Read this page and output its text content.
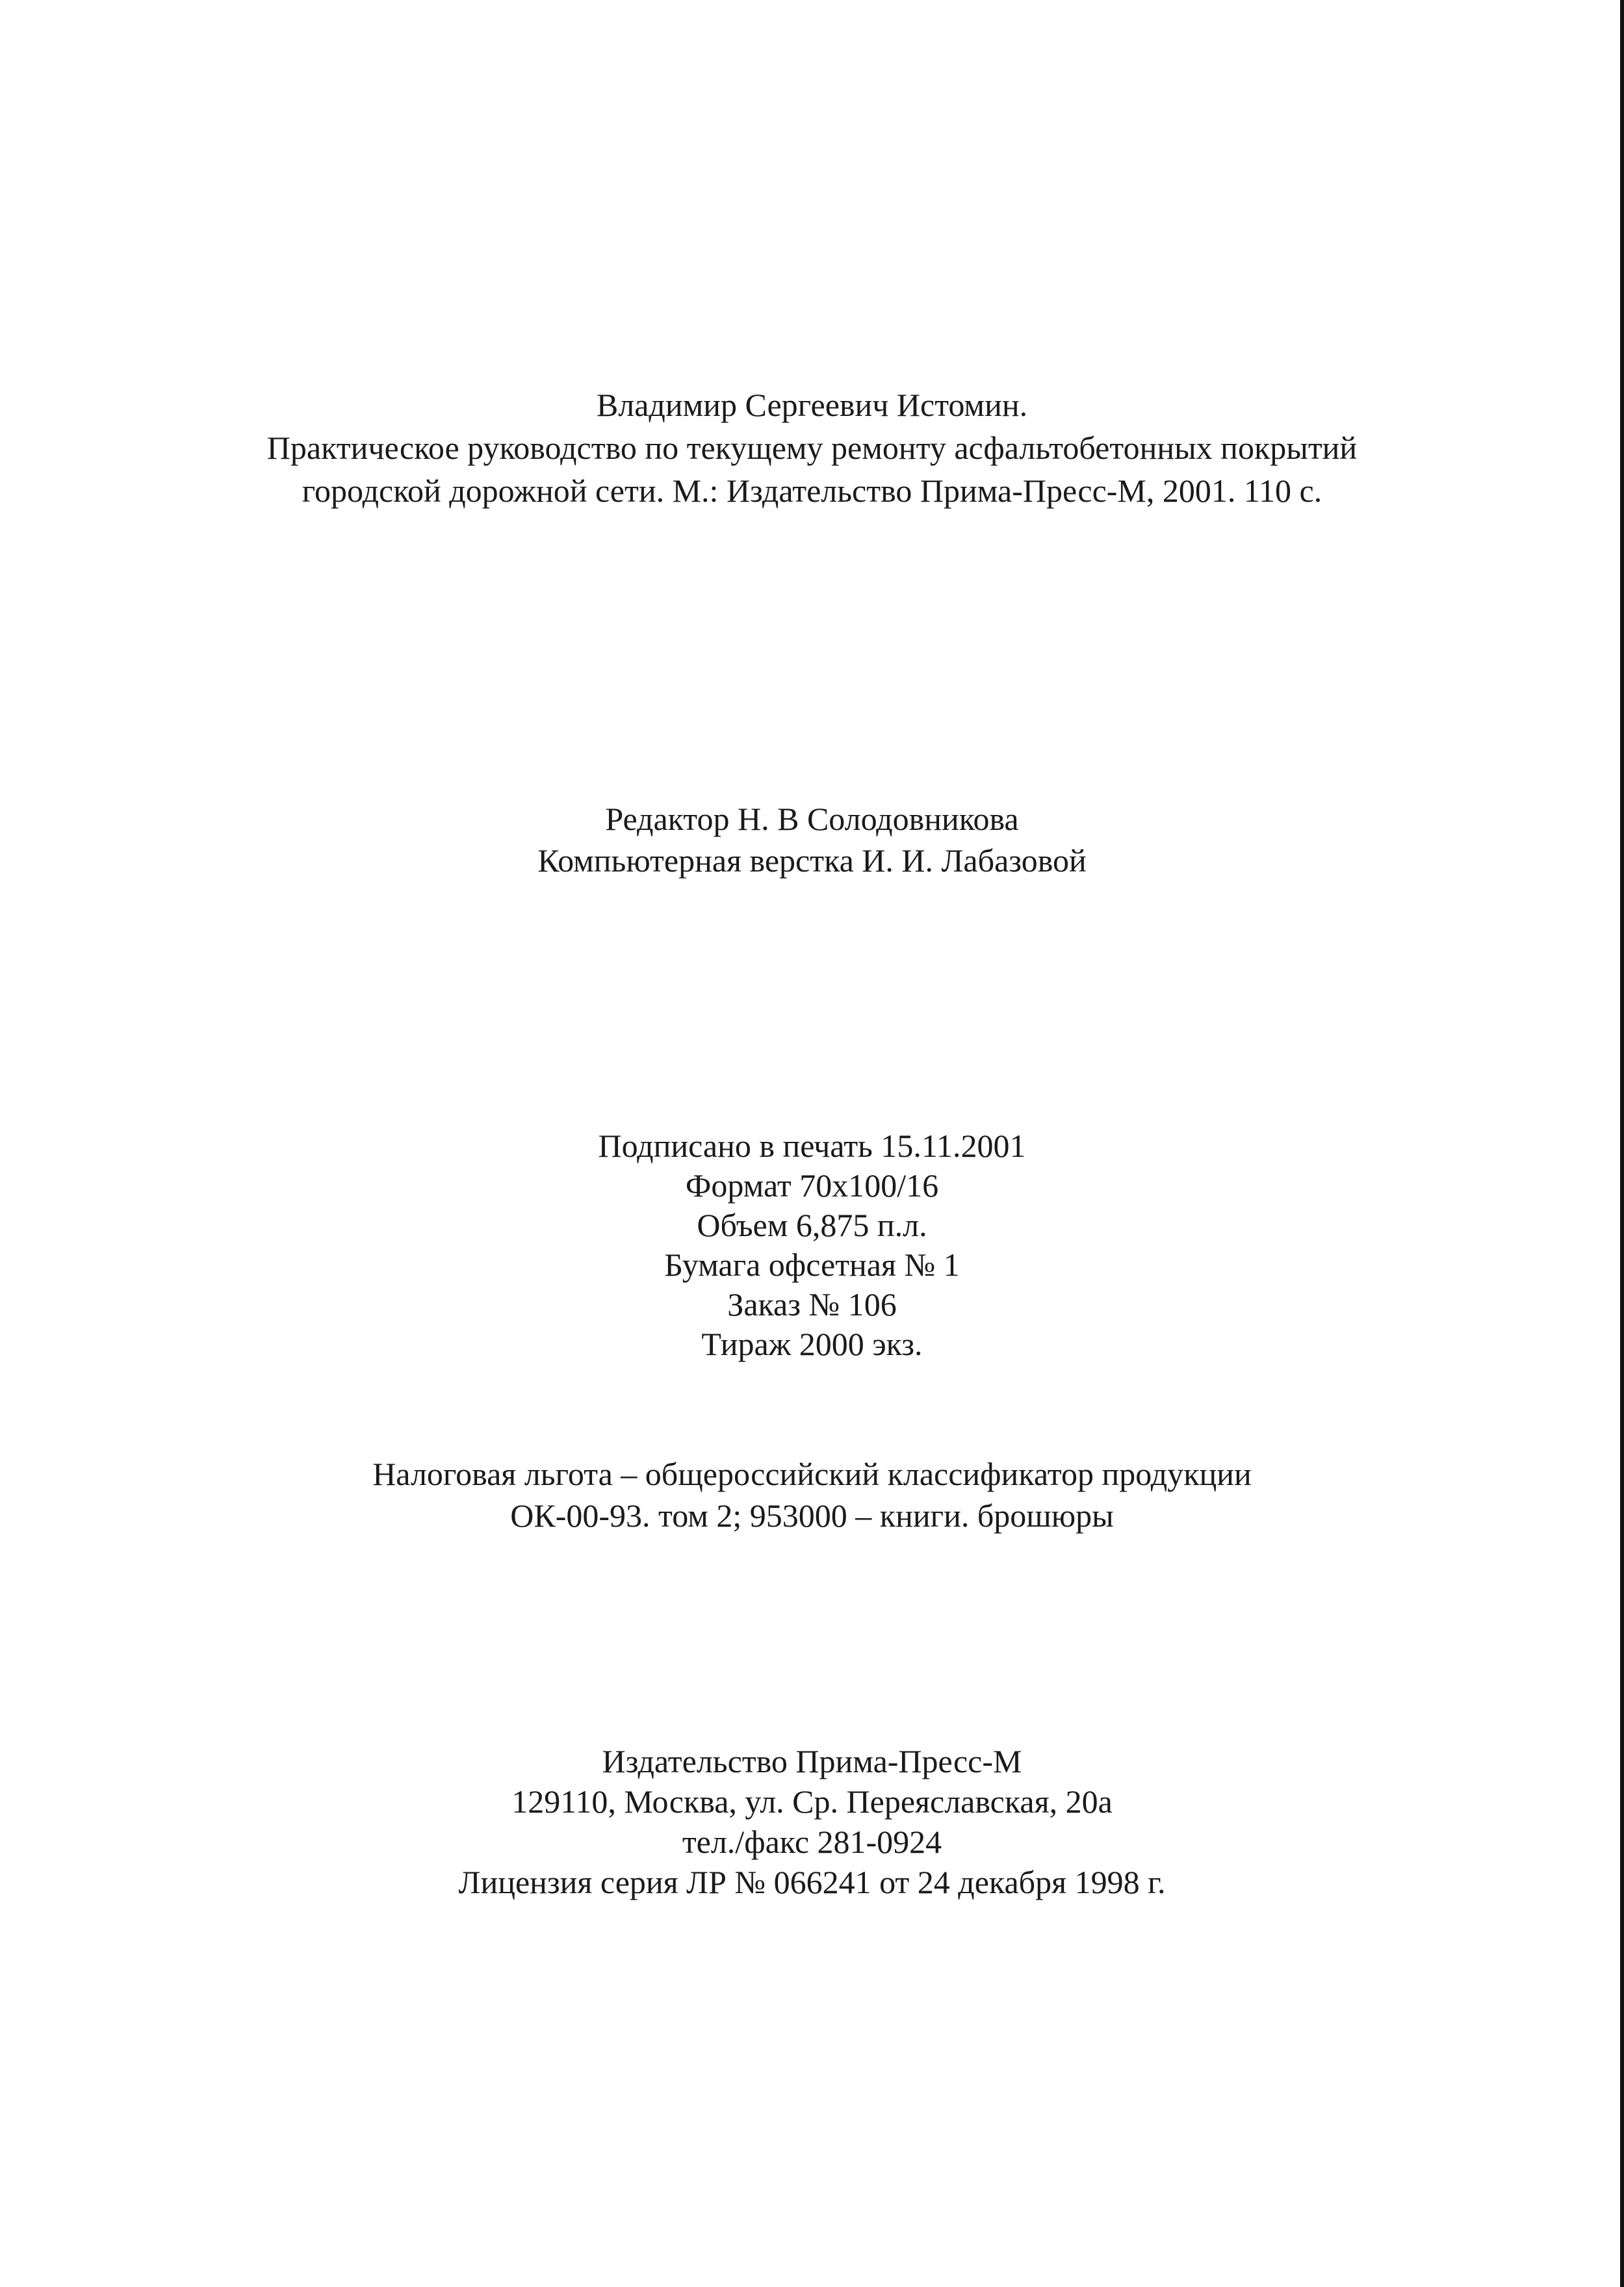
Владимир Сергеевич Истомин.
Практическое руководство по текущему ремонту асфальтобетонных покрытий
городской дорожной сети. М.: Издательство Прима-Пресс-М, 2001. 110 с.
Редактор Н. В Солодовникова
Компьютерная верстка И. И. Лабазовой
Подписано в печать 15.11.2001
Формат 70х100/16
Объем 6,875 п.л.
Бумага офсетная № 1
Заказ № 106
Тираж 2000 экз.
Налоговая льгота – общероссийский классификатор продукции
ОК-00-93. том 2; 953000 – книги. брошюры
Издательство Прима-Пресс-М
129110, Москва, ул. Ср. Переяславская, 20а
тел./факс 281-0924
Лицензия серия ЛР № 066241 от 24 декабря 1998 г.
